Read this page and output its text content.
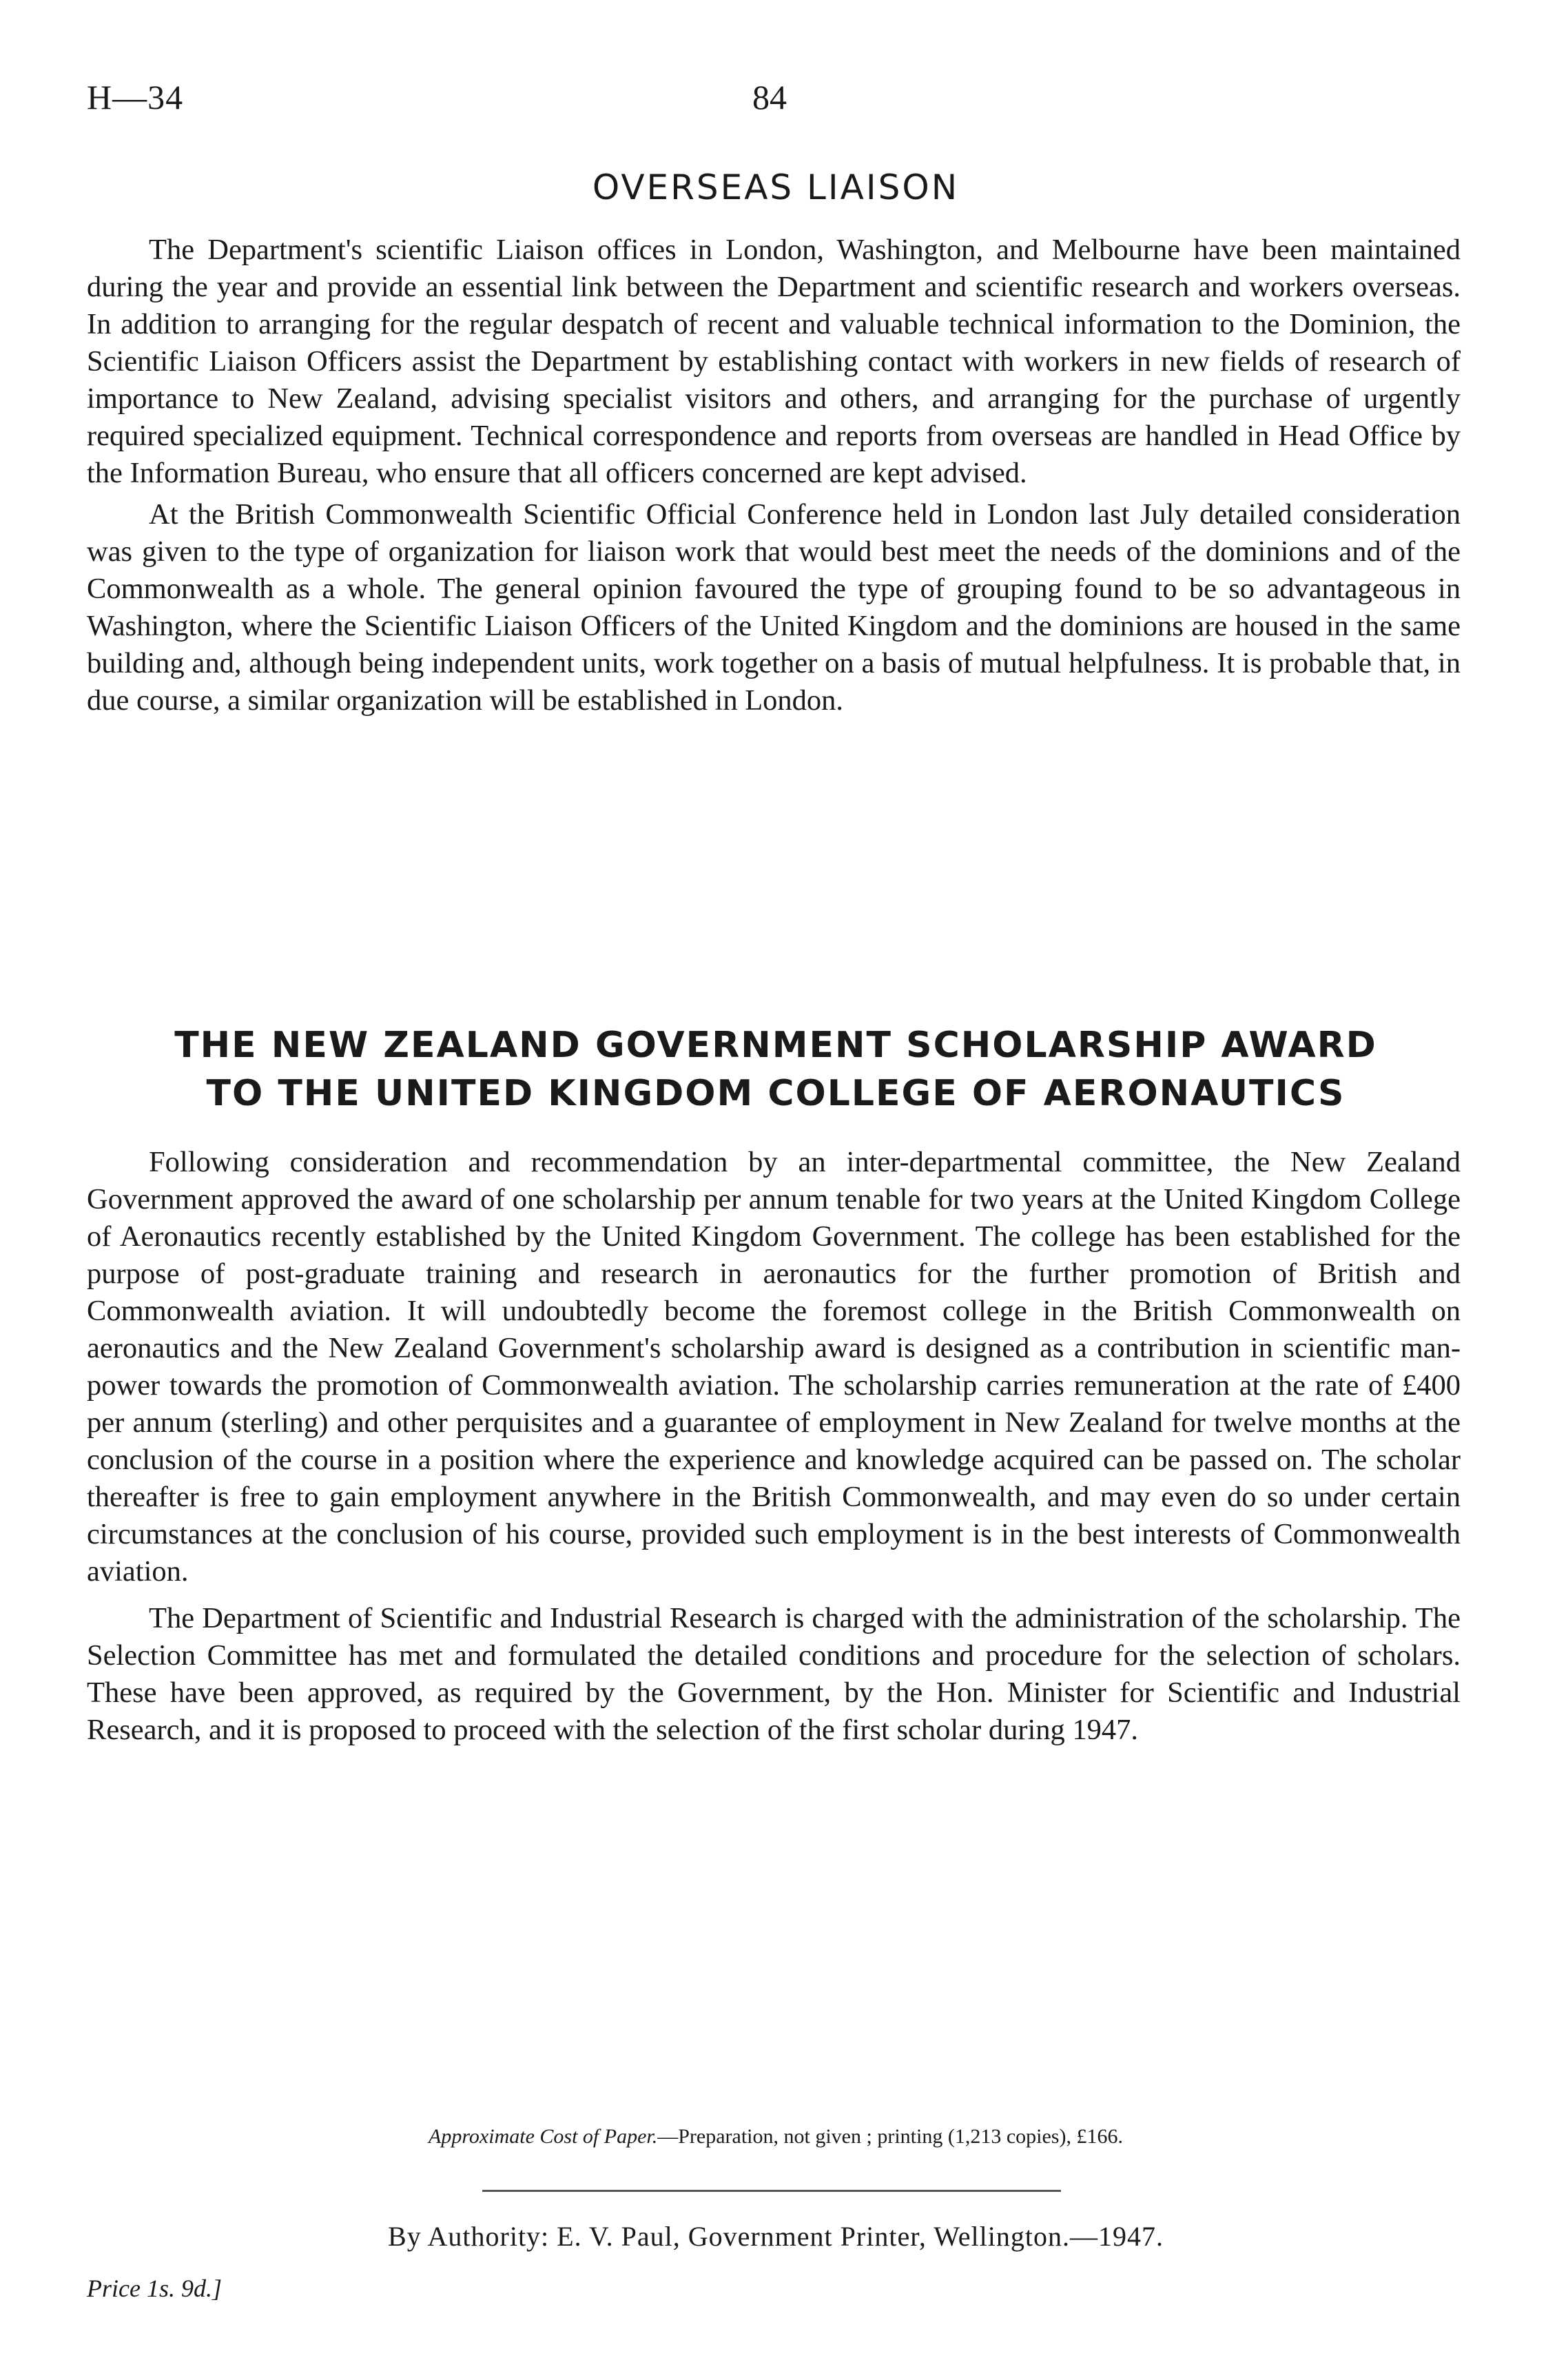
H—34	84
OVERSEAS LIAISON

The Department's scientific Liaison offices in London, Washington, and Melbourne have been maintained during the year and provide an essential link between the Department and scientific research and workers overseas. In addition to arranging for the regular despatch of recent and valuable technical information to the Dominion, the Scientific Liaison Officers assist the Department by establishing contact with workers in new fields of research of importance to New Zealand, advising specialist visitors and others, and arranging for the purchase of urgently required specialized equipment. Technical correspondence and reports from overseas are handled in Head Office by the Information Bureau, who ensure that all officers concerned are kept advised.

At the British Commonwealth Scientific Official Conference held in London last July detailed consideration was given to the type of organization for liaison work that would best meet the needs of the dominions and of the Commonwealth as a whole. The general opinion favoured the type of grouping found to be so advantageous in Washington, where the Scientific Liaison Officers of the United Kingdom and the dominions are housed in the same building and, although being independent units, work together on a basis of mutual helpfulness. It is probable that, in due course, a similar organization will be established in London.

THE NEW ZEALAND GOVERNMENT SCHOLARSHIP AWARD
TO THE UNITED KINGDOM COLLEGE OF AERONAUTICS

Following consideration and recommendation by an inter-departmental committee, the New Zealand Government approved the award of one scholarship per annum tenable for two years at the United Kingdom College of Aeronautics recently established by the United Kingdom Government. The college has been established for the purpose of post-graduate training and research in aeronautics for the further promotion of British and Commonwealth aviation. It will undoubtedly become the foremost college in the British Commonwealth on aeronautics and the New Zealand Government's scholarship award is designed as a contribution in scientific man-power towards the promotion of Commonwealth aviation. The scholarship carries remuneration at the rate of £400 per annum (sterling) and other perquisites and a guarantee of employment in New Zealand for twelve months at the conclusion of the course in a position where the experience and knowledge acquired can be passed on. The scholar thereafter is free to gain employment anywhere in the British Commonwealth, and may even do so under certain circumstances at the conclusion of his course, provided such employment is in the best interests of Commonwealth aviation.

The Department of Scientific and Industrial Research is charged with the administration of the scholarship. The Selection Committee has met and formulated the detailed conditions and procedure for the selection of scholars. These have been approved, as required by the Government, by the Hon. Minister for Scientific and Industrial Research, and it is proposed to proceed with the selection of the first scholar during 1947.

Approximate Cost of Paper.—Preparation, not given ; printing (1,213 copies), £166.
By Authority: E. V. Paul, Government Printer, Wellington.—1947.
Price 1s. 9d.]
